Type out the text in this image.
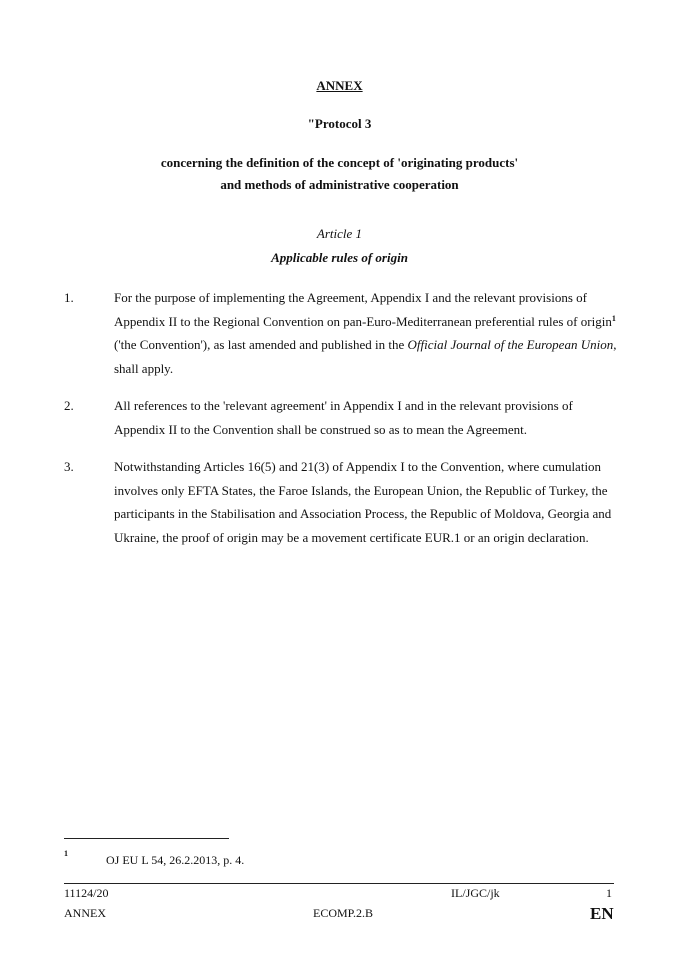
ANNEX
"Protocol 3
concerning the definition of the concept of 'originating products'
and methods of administrative cooperation
Article 1
Applicable rules of origin
1.	For the purpose of implementing the Agreement, Appendix I and the relevant provisions of Appendix II to the Regional Convention on pan-Euro-Mediterranean preferential rules of origin$^1$ ('the Convention'), as last amended and published in the Official Journal of the European Union, shall apply.
2.	All references to the 'relevant agreement' in Appendix I and in the relevant provisions of Appendix II to the Convention shall be construed so as to mean the Agreement.
3.	Notwithstanding Articles 16(5) and 21(3) of Appendix I to the Convention, where cumulation involves only EFTA States, the Faroe Islands, the European Union, the Republic of Turkey, the participants in the Stabilisation and Association Process, the Republic of Moldova, Georgia and Ukraine, the proof of origin may be a movement certificate EUR.1 or an origin declaration.
1	OJ EU L 54, 26.2.2013, p. 4.
11124/20
ANNEX	ECOMP.2.B
IL/JGC/jk	1
EN
